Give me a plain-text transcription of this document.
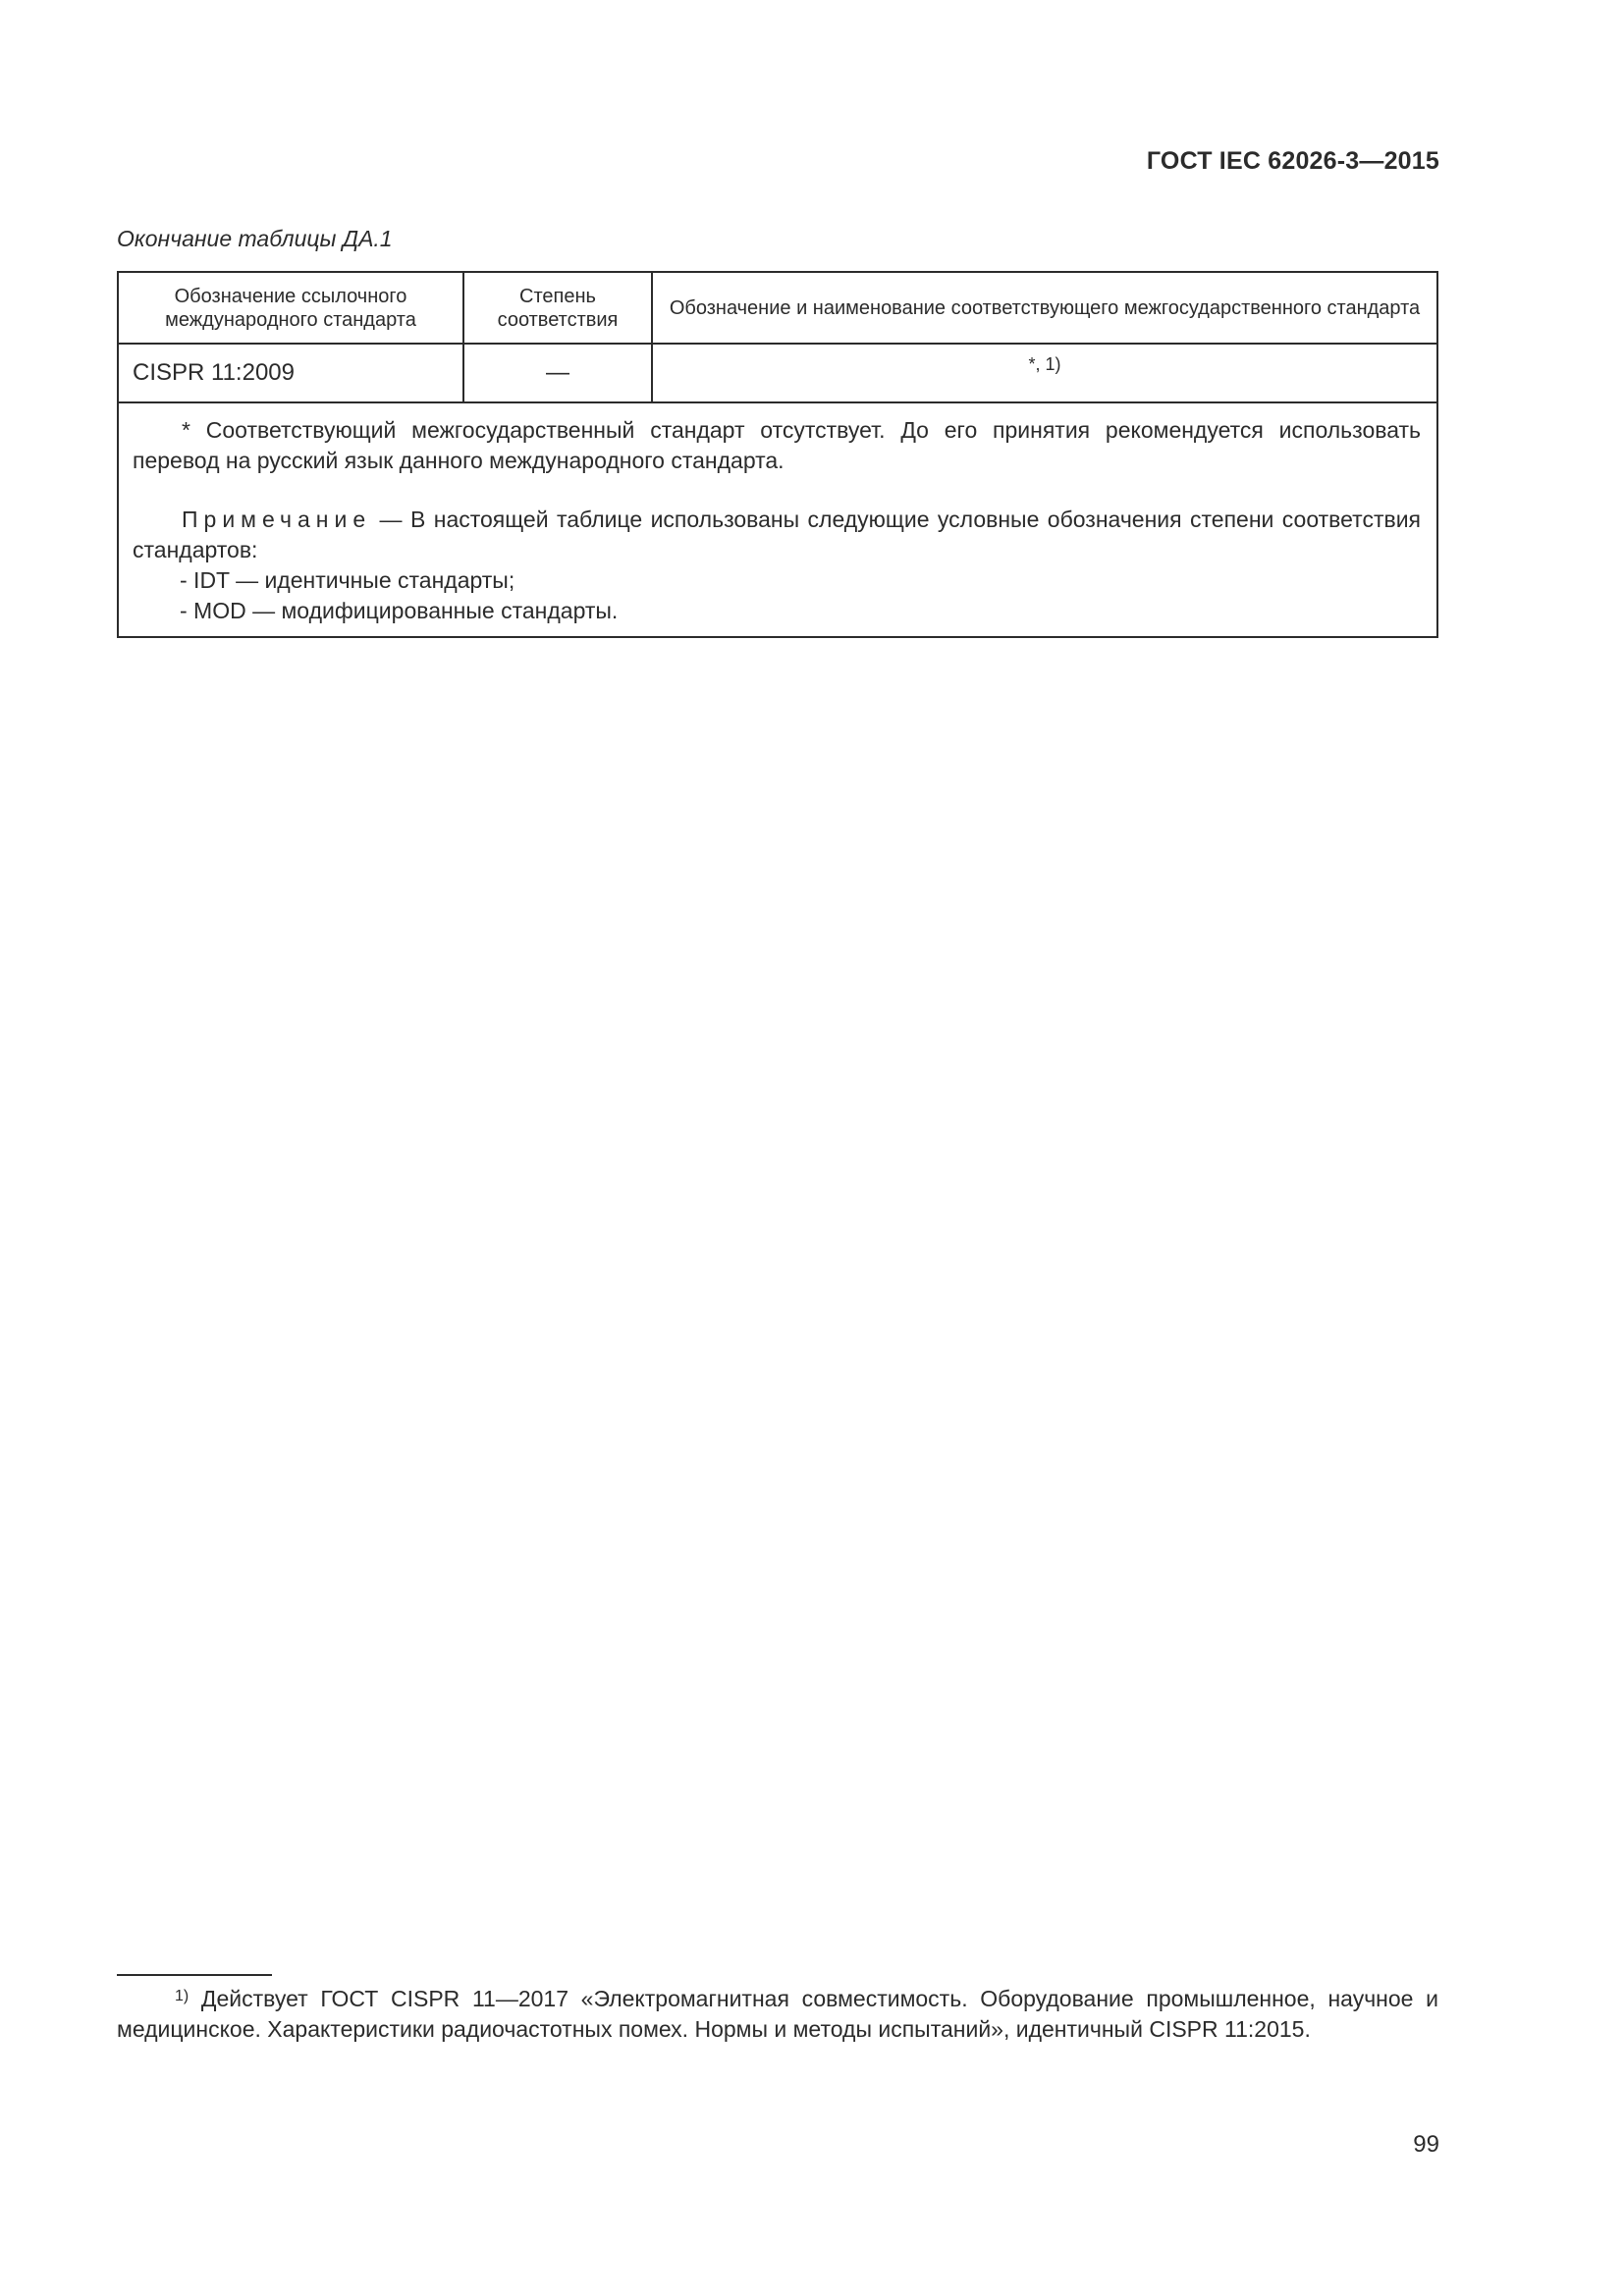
ГОСТ IEC 62026-3—2015
Окончание таблицы ДА.1
Обозначение ссылочного международного стандарта	Степень соответствия	Обозначение и наименование соответствующего межгосударственного стандарта
CISPR 11:2009	—	*, 1)

* Соответствующий межгосударственный стандарт отсутствует. До его принятия рекомендуется использовать перевод на русский язык данного международного стандарта.

Примечание — В настоящей таблице использованы следующие условные обозначения степени соответствия стандартов:

- IDT — идентичные стандарты;

- MOD — модифицированные стандарты.		

$^{1)}$ Действует ГОСТ CISPR 11—2017 «Электромагнитная совместимость. Оборудование промышленное, научное и медицинское. Характеристики радиочастотных помех. Нормы и методы испытаний», идентичный CISPR 11:2015.

99
